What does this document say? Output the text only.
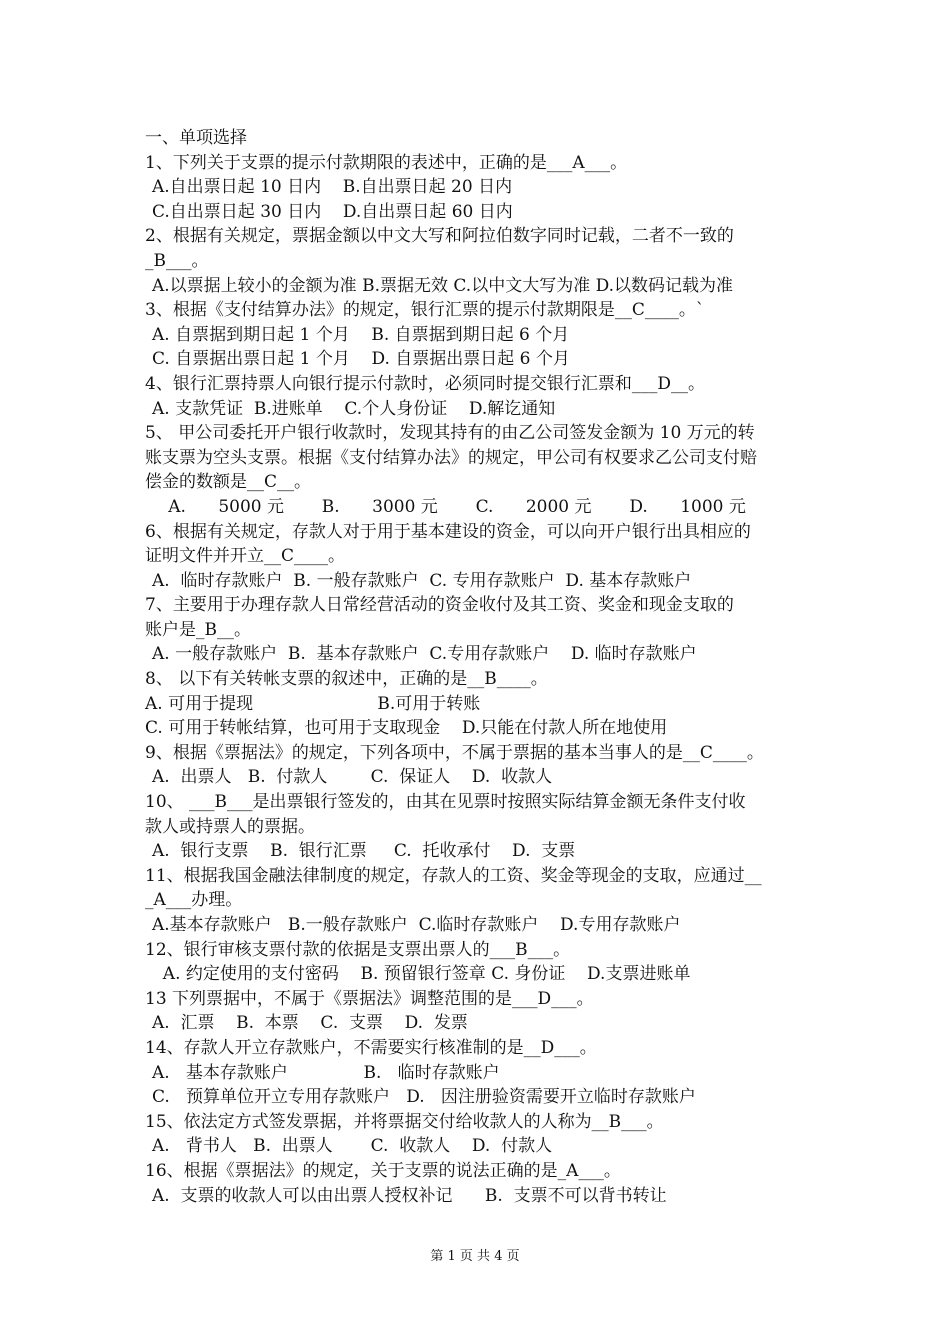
一、单项选择

1、下列关于支票的提示付款期限的表述中，正确的是___A___。

A.自出票日起 10 日内    B.自出票日起 20 日内

C.自出票日起 30 日内    D.自出票日起 60 日内

2、根据有关规定，票据金额以中文大写和阿拉伯数字同时记载，二者不一致的

_B___。

A.以票据上较小的金额为准 B.票据无效 C.以中文大写为准 D.以数码记载为准

3、根据《支付结算办法》的规定，银行汇票的提示付款期限是__C____。`

A. 自票据到期日起 1 个月    B. 自票据到期日起 6 个月

C. 自票据出票日起 1 个月    D. 自票据出票日起 6 个月

4、银行汇票持票人向银行提示付款时，必须同时提交银行汇票和___D__。

A. 支款凭证  B.进账单    C.个人身份证    D.解讫通知

5、 甲公司委托开户银行收款时，发现其持有的由乙公司签发金额为 10 万元的转

账支票为空头支票。根据《支付结算办法》的规定，甲公司有权要求乙公司支付赔

偿金的数额是__C__。

A.      5000 元       B.      3000 元       C.      2000 元       D.      1000 元

6、根据有关规定，存款人对于用于基本建设的资金，可以向开户银行出具相应的

证明文件并开立__C____。

A.  临时存款账户  B. 一般存款账户  C. 专用存款账户  D. 基本存款账户

7、主要用于办理存款人日常经营活动的资金收付及其工资、奖金和现金支取的

账户是_B__。

A. 一般存款账户  B.  基本存款账户  C.专用存款账户    D. 临时存款账户

8、 以下有关转帐支票的叙述中，正确的是__B____。

A. 可用于提现                       B.可用于转账

C. 可用于转帐结算，也可用于支取现金    D.只能在付款人所在地使用

9、根据《票据法》的规定，下列各项中，不属于票据的基本当事人的是__C____。

A.  出票人   B.  付款人        C.  保证人    D.  收款人

10、 ___B___是出票银行签发的，由其在见票时按照实际结算金额无条件支付收

款人或持票人的票据。

A.  银行支票    B.  银行汇票     C.  托收承付    D.  支票

11、根据我国金融法律制度的规定，存款人的工资、奖金等现金的支取，应通过__

_A___办理。

A.基本存款账户   B.一般存款账户  C.临时存款账户    D.专用存款账户

12、银行审核支票付款的依据是支票出票人的___B___。

A. 约定使用的支付密码    B. 预留银行签章 C. 身份证    D.支票进账单

13 下列票据中，不属于《票据法》调整范围的是___D___。

A.  汇票    B.  本票    C.  支票    D.  发票

14、存款人开立存款账户，不需要实行核准制的是__D___。

A.   基本存款账户              B.   临时存款账户

C.   预算单位开立专用存款账户   D.   因注册验资需要开立临时存款账户

15、依法定方式签发票据，并将票据交付给收款人的人称为__B___。

A.   背书人   B.  出票人       C.  收款人    D.  付款人

16、根据《票据法》的规定，关于支票的说法正确的是_A___。

A.  支票的收款人可以由出票人授权补记      B.  支票不可以背书转让

第 1 页 共 4 页
